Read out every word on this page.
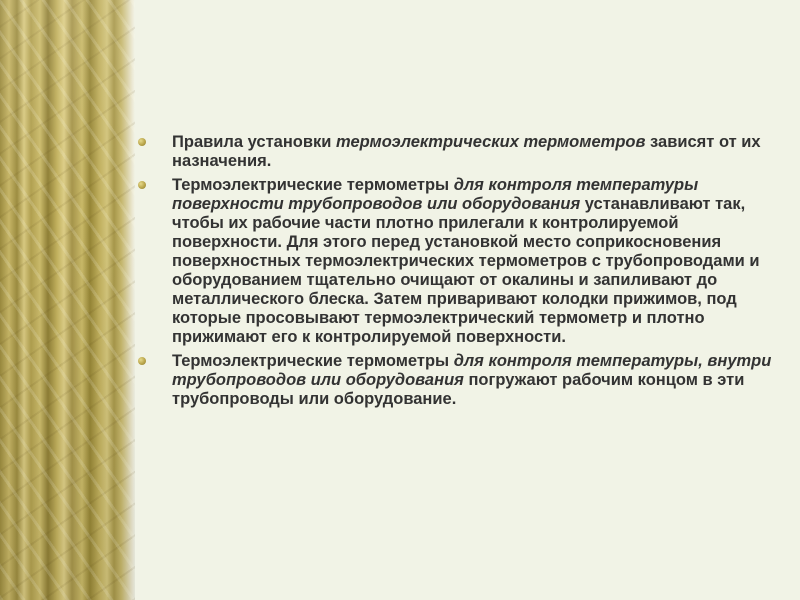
Правила установки термоэлектрических термометров зависят от их назначения.
Термоэлектрические термометры для контроля температуры поверхности трубопроводов или оборудования устанавливают так, чтобы их рабочие части плотно прилегали к контролируемой поверхности. Для этого перед установкой место соприкосновения поверхностных термоэлектрических термометров с трубопроводами и оборудованием тщательно очищают от окалины и запиливают до металлического блеска. Затем приваривают колодки прижимов, под которые просовывают термоэлектрический термометр и плотно прижимают его к контролируемой поверхности.
Термоэлектрические термометры для контроля температуры, внутри трубопроводов или оборудования погружают рабочим концом в эти трубопроводы или оборудование.
